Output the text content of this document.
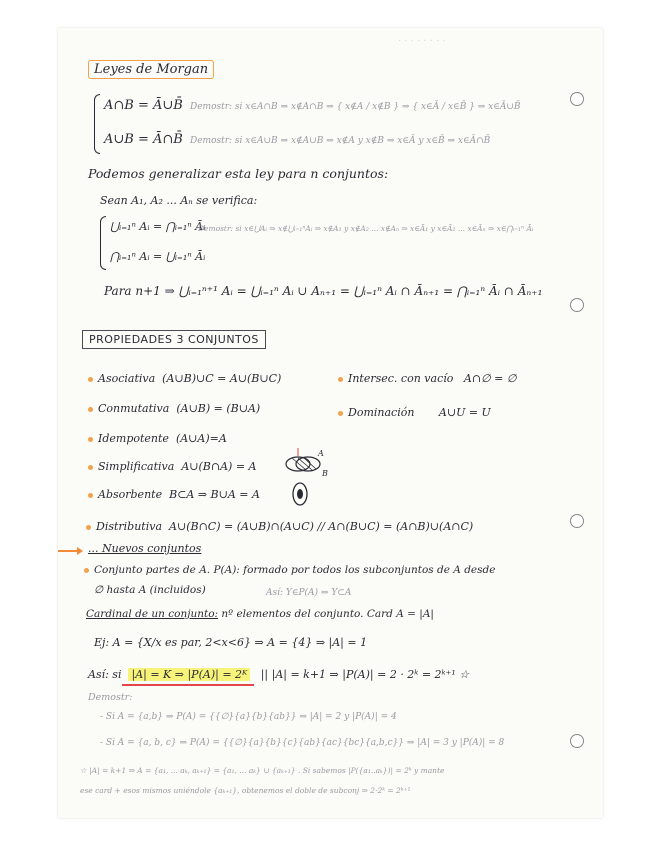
· · · · · · · ·
Leyes de Morgan
A∩B = Ā∪B̄ Demostr: si x∈A∩B ⇒ x∉A∩B ⇒ { x∉A / x∉B } ⇒ { x∈Ā / x∈B̄ } ⇒ x∈Ā∪B̄
A∪B = Ā∩B̄ Demostr: si x∈A∪B ⇒ x∉A∪B ⇒ x∉A y x∉B ⇒ x∈Ā y x∈B̄ ⇒ x∈Ā∩B̄
Podemos generalizar esta ley para n conjuntos:
Sean A₁, A₂ ... Aₙ se verifica:
⋃ᵢ₌₁ⁿ Aᵢ = ⋂ᵢ₌₁ⁿ Āᵢ
Demostr: si x∈⋃Aᵢ ⇒ x∉⋃ᵢ₌₁ⁿAᵢ ⇒ x∉A₁ y x∉A₂ ... x∉Aₙ ⇒ x∈Ā₁ y x∈Ā₂ ... x∈Āₙ ⇒ x∈⋂ᵢ₌₁ⁿ Āᵢ
⋂ᵢ₌₁ⁿ Aᵢ = ⋃ᵢ₌₁ⁿ Āᵢ
Para n+1 ⇒ ⋃ᵢ₌₁ⁿ⁺¹ Aᵢ = ⋃ᵢ₌₁ⁿ Aᵢ ∪ Aₙ₊₁ = ⋃ᵢ₌₁ⁿ Aᵢ ∩ Āₙ₊₁ = ⋂ᵢ₌₁ⁿ Āᵢ ∩ Āₙ₊₁
PROPIEDADES 3 CONJUNTOS
Asociativa (A∪B)∪C = A∪(B∪C)
Conmutativa (A∪B) = (B∪A)
Idempotente (A∪A)=A
Simplificativa A∪(B∩A) = A
A
B
Absorbente B⊂A ⇒ B∪A = A
Distributiva A∪(B∩C) = (A∪B)∩(A∪C) // A∩(B∪C) = (A∩B)∪(A∩C)
Intersec. con vacío A∩∅ = ∅
Dominación A∪U = U
... Nuevos conjuntos
Conjunto partes de A. P(A): formado por todos los subconjuntos de A desde
∅ hasta A (incluidos)	Así: Y∈P(A) ⇔ Y⊂A
Cardinal de un conjunto: nº elementos del conjunto. Card A = |A|
Ej: A = {X/x es par, 2<x<6} ⇒ A = {4} ⇒ |A| = 1
Así: si |A| = K ⇒ |P(A)| = 2ᴷ || |A| = k+1 ⇒ |P(A)| = 2 · 2ᵏ = 2ᵏ⁺¹ ☆
Demostr:
- Si A = {a,b} ⇒ P(A) = {{∅}{a}{b}{ab}} ⇒ |A| = 2 y |P(A)| = 4
- Si A = {a, b, c} ⇒ P(A) = {{∅}{a}{b}{c}{ab}{ac}{bc}{a,b,c}} ⇒ |A| = 3 y |P(A)| = 8
☆ |A| = k+1 ⇒ A = {a₁, ... aₖ, aₖ₊₁} = {a₁, ... aₖ} ∪ {aₖ₊₁} . Si sabemos |P({a₁..aₖ})| = 2ᵏ y mante
ese card + esos mismos uniéndole {aₖ₊₁}, obtenemos el doble de subconj ⇒ 2·2ᵏ = 2ᵏ⁺¹
